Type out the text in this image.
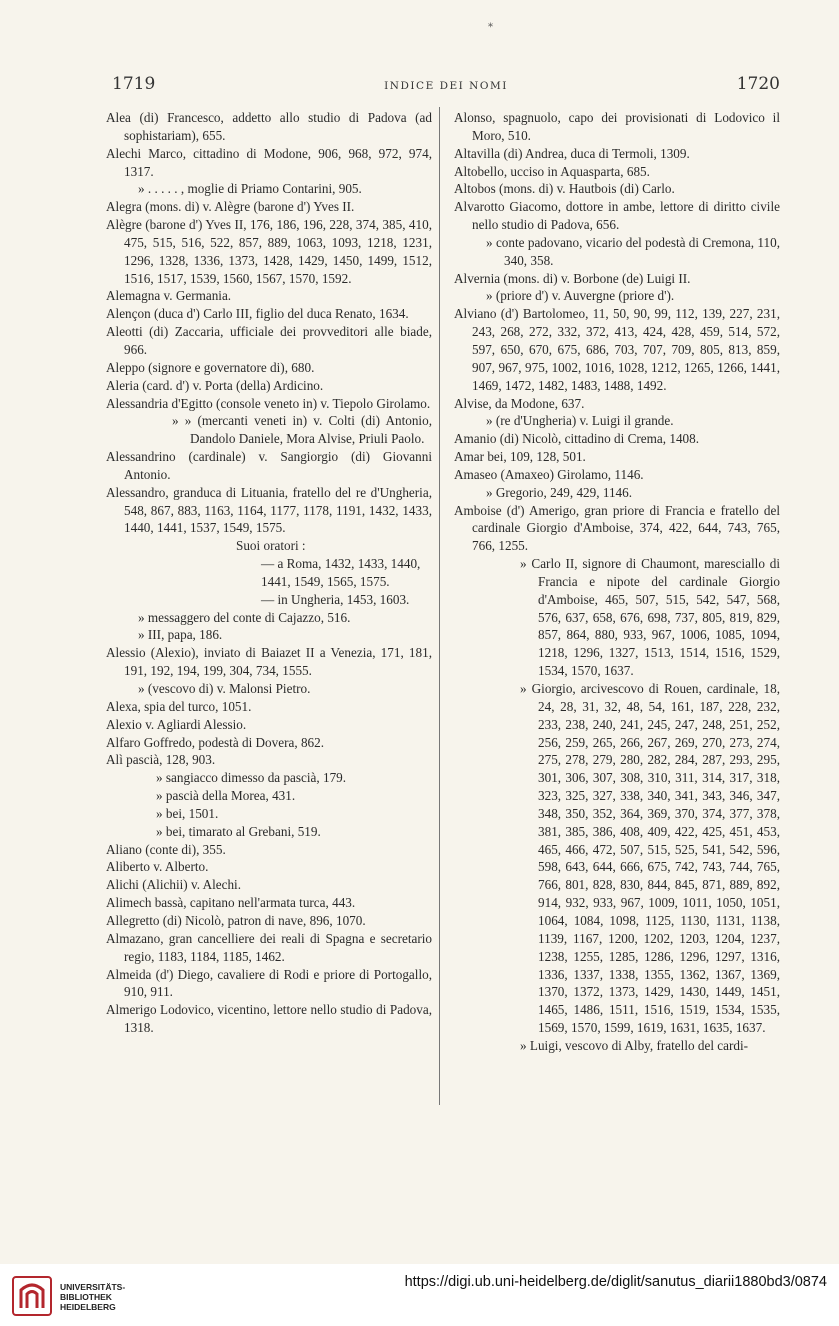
*
1719	INDICE DEI NOMI	1720

Alea (di) Francesco, addetto allo studio di Padova (ad sophistariam), 655.

Alechi Marco, cittadino di Modone, 906, 968, 972, 974, 1317.

» . . . . . , moglie di Priamo Contarini, 905.

Alegra (mons. di) v. Alègre (barone d') Yves II.

Alègre (barone d') Yves II, 176, 186, 196, 228, 374, 385, 410, 475, 515, 516, 522, 857, 889, 1063, 1093, 1218, 1231, 1296, 1328, 1336, 1373, 1428, 1429, 1450, 1499, 1512, 1516, 1517, 1539, 1560, 1567, 1570, 1592.

Alemagna v. Germania.

Alençon (duca d') Carlo III, figlio del duca Renato, 1634.

Aleotti (di) Zaccaria, ufficiale dei provveditori alle biade, 966.

Aleppo (signore e governatore di), 680.

Aleria (card. d') v. Porta (della) Ardicino.

Alessandria d'Egitto (console veneto in) v. Tiepolo Girolamo.

» » (mercanti veneti in) v. Colti (di) Antonio, Dandolo Daniele, Mora Alvise, Priuli Paolo.

Alessandrino (cardinale) v. Sangiorgio (di) Giovanni Antonio.

Alessandro, granduca di Lituania, fratello del re d'Ungheria, 548, 867, 883, 1163, 1164, 1177, 1178, 1191, 1432, 1433, 1440, 1441, 1537, 1549, 1575.

Suoi oratori :

— a Roma, 1432, 1433, 1440, 1441, 1549, 1565, 1575.

— in Ungheria, 1453, 1603.

» messaggero del conte di Cajazzo, 516.

» III, papa, 186.

Alessio (Alexio), inviato di Baiazet II a Venezia, 171, 181, 191, 192, 194, 199, 304, 734, 1555.

» (vescovo di) v. Malonsi Pietro.

Alexa, spia del turco, 1051.

Alexio v. Agliardi Alessio.

Alfaro Goffredo, podestà di Dovera, 862.

Alì pascià, 128, 903.

» sangiacco dimesso da pascià, 179.

» pascià della Morea, 431.

» bei, 1501.

» bei, timarato al Grebani, 519.

Aliano (conte di), 355.

Aliberto v. Alberto.

Alichi (Alichii) v. Alechi.

Alimech bassà, capitano nell'armata turca, 443.

Allegretto (di) Nicolò, patron di nave, 896, 1070.

Almazano, gran cancelliere dei reali di Spagna e secretario regio, 1183, 1184, 1185, 1462.

Almeida (d') Diego, cavaliere di Rodi e priore di Portogallo, 910, 911.

Almerigo Lodovico, vicentino, lettore nello studio di Padova, 1318.

Alonso, spagnuolo, capo dei provisionati di Lodovico il Moro, 510.

Altavilla (di) Andrea, duca di Termoli, 1309.

Altobello, ucciso in Aquasparta, 685.

Altobos (mons. di) v. Hautbois (di) Carlo.

Alvarotto Giacomo, dottore in ambe, lettore di diritto civile nello studio di Padova, 656.

» conte padovano, vicario del podestà di Cremona, 110, 340, 358.

Alvernia (mons. di) v. Borbone (de) Luigi II.

» (priore d') v. Auvergne (priore d').

Alviano (d') Bartolomeo, 11, 50, 90, 99, 112, 139, 227, 231, 243, 268, 272, 332, 372, 413, 424, 428, 459, 514, 572, 597, 650, 670, 675, 686, 703, 707, 709, 805, 813, 859, 907, 967, 975, 1002, 1016, 1028, 1212, 1265, 1266, 1441, 1469, 1472, 1482, 1483, 1488, 1492.

Alvise, da Modone, 637.

» (re d'Ungheria) v. Luigi il grande.

Amanio (di) Nicolò, cittadino di Crema, 1408.

Amar bei, 109, 128, 501.

Amaseo (Amaxeo) Girolamo, 1146.

» Gregorio, 249, 429, 1146.

Amboise (d') Amerigo, gran priore di Francia e fratello del cardinale Giorgio d'Amboise, 374, 422, 644, 743, 765, 766, 1255.

» Carlo II, signore di Chaumont, maresciallo di Francia e nipote del cardinale Giorgio d'Amboise, 465, 507, 515, 542, 547, 568, 576, 637, 658, 676, 698, 737, 805, 819, 829, 857, 864, 880, 933, 967, 1006, 1085, 1094, 1218, 1296, 1327, 1513, 1514, 1516, 1529, 1534, 1570, 1637.

» Giorgio, arcivescovo di Rouen, cardinale, 18, 24, 28, 31, 32, 48, 54, 161, 187, 228, 232, 233, 238, 240, 241, 245, 247, 248, 251, 252, 256, 259, 265, 266, 267, 269, 270, 273, 274, 275, 278, 279, 280, 282, 284, 287, 293, 295, 301, 306, 307, 308, 310, 311, 314, 317, 318, 323, 325, 327, 338, 340, 341, 343, 346, 347, 348, 350, 352, 364, 369, 370, 374, 377, 378, 381, 385, 386, 408, 409, 422, 425, 451, 453, 465, 466, 472, 507, 515, 525, 541, 542, 596, 598, 643, 644, 666, 675, 742, 743, 744, 765, 766, 801, 828, 830, 844, 845, 871, 889, 892, 914, 932, 933, 967, 1009, 1011, 1050, 1051, 1064, 1084, 1098, 1125, 1130, 1131, 1138, 1139, 1167, 1200, 1202, 1203, 1204, 1237, 1238, 1255, 1285, 1286, 1296, 1297, 1316, 1336, 1337, 1338, 1355, 1362, 1367, 1369, 1370, 1372, 1373, 1429, 1430, 1449, 1451, 1465, 1486, 1511, 1516, 1519, 1534, 1535, 1569, 1570, 1599, 1619, 1631, 1635, 1637.

» Luigi, vescovo di Alby, fratello del cardi-

UNIVERSITÄTS-
BIBLIOTHEK
HEIDELBERG
https://digi.ub.uni-heidelberg.de/diglit/sanutus_diarii1880bd3/0874
